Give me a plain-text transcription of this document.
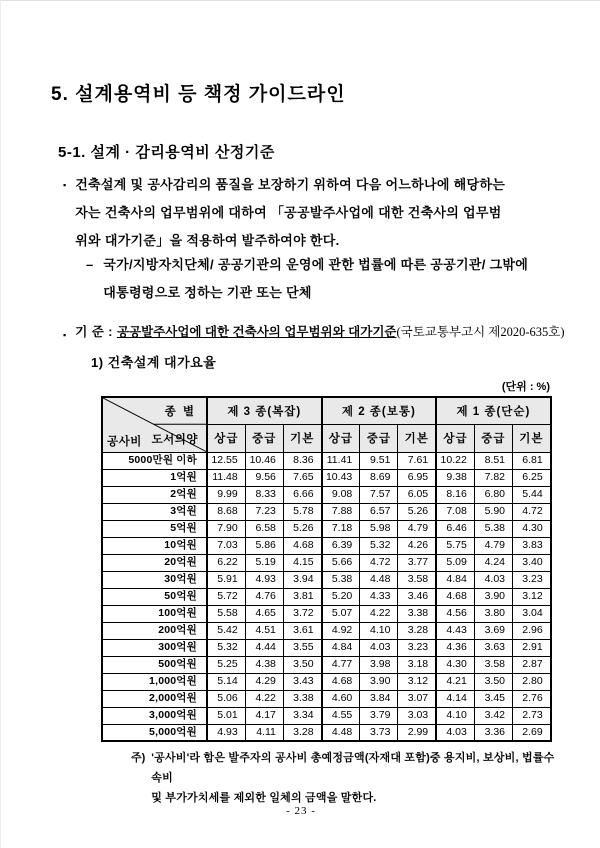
5. 설계용역비 등 책정 가이드라인
5-1. 설계 · 감리용역비 산정기준
▪ 건축설계 및 공사감리의 품질을 보장하기 위하여 다음 어느하나에 해당하는
자는 건축사의 업무범위에 대하여 「공공발주사업에 대한 건축사의 업무범
위와 대가기준」을 적용하여 발주하여야 한다.
– 국가/지방자치단체/ 공공기관의 운영에 관한 법률에 따른 공공기관/ 그밖에
대통령령으로 정하는 기관 또는 단체
▪ 기 준 : 공공발주사업에 대한 건축사의 업무범위와 대가기준(국토교통부고시 제2020-635호)
1) 건축설계 대가요율
(단위 : %)
종 별
도서의양
공사비	제 3 종(복잡)			제 2 종(보통)			제 1 종(단순)		
	상급	중급	기본	상급	중급	기본	상급	중급	기본
5000만원 이하	12.55	10.46	8.36	11.41	9.51	7.61	10.22	8.51	6.81
1억원	11.48	9.56	7.65	10.43	8.69	6.95	9.38	7.82	6.25
2억원	9.99	8.33	6.66	9.08	7.57	6.05	8.16	6.80	5.44
3억원	8.68	7.23	5.78	7.88	6.57	5.26	7.08	5.90	4.72
5억원	7.90	6.58	5.26	7.18	5.98	4.79	6.46	5.38	4.30
10억원	7.03	5.86	4.68	6.39	5.32	4.26	5.75	4.79	3.83
20억원	6.22	5.19	4.15	5.66	4.72	3.77	5.09	4.24	3.40
30억원	5.91	4.93	3.94	5.38	4.48	3.58	4.84	4.03	3.23
50억원	5.72	4.76	3.81	5.20	4.33	3.46	4.68	3.90	3.12
100억원	5.58	4.65	3.72	5.07	4.22	3.38	4.56	3.80	3.04
200억원	5.42	4.51	3.61	4.92	4.10	3.28	4.43	3.69	2.96
300억원	5.32	4.44	3.55	4.84	4.03	3.23	4.36	3.63	2.91
500억원	5.25	4.38	3.50	4.77	3.98	3.18	4.30	3.58	2.87
1,000억원	5.14	4.29	3.43	4.68	3.90	3.12	4.21	3.50	2.80
2,000억원	5.06	4.22	3.38	4.60	3.84	3.07	4.14	3.45	2.76
3,000억원	5.01	4.17	3.34	4.55	3.79	3.03	4.10	3.42	2.73
5,000억원	4.93	4.11	3.28	4.48	3.73	2.99	4.03	3.36	2.69
주) '공사비'라 함은 발주자의 공사비 총예정금액(자재대 포함)중 용지비, 보상비, 법률수속비
및 부가가치세를 제외한 일체의 금액을 말한다.
- 23 -
